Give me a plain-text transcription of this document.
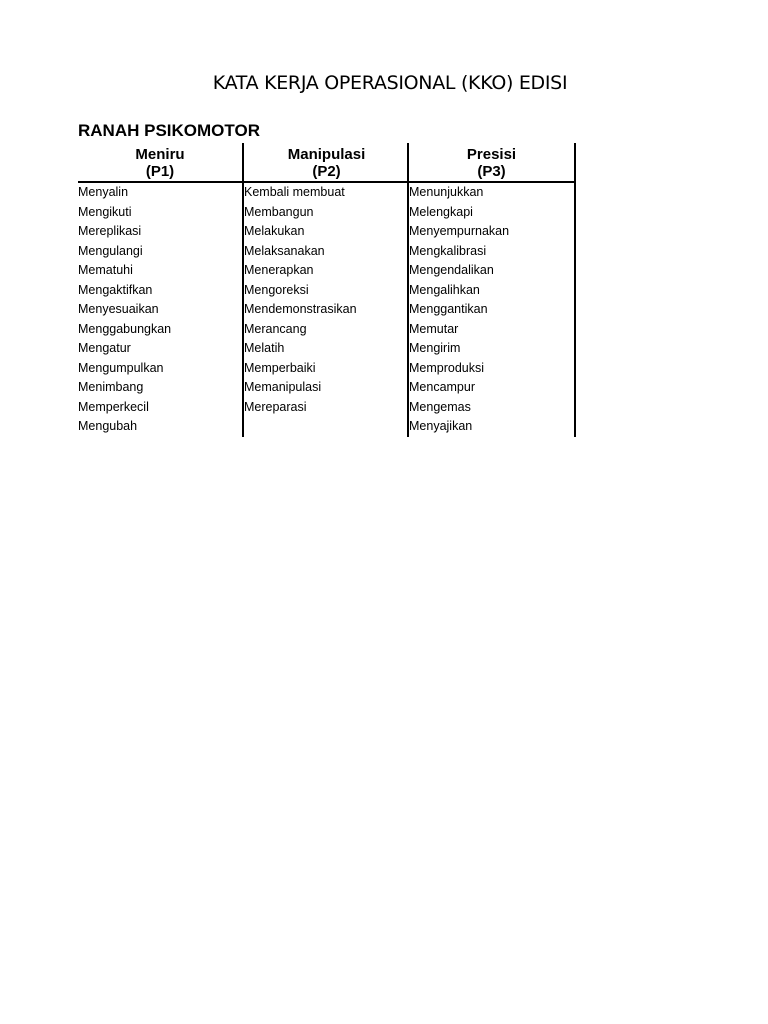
KATA KERJA OPERASIONAL (KKO) EDISI
RANAH PSIKOMOTOR
Meniru
(P1)
Menyalin
Mengikuti
Mereplikasi
Mengulangi
Mematuhi
Mengaktifkan
Menyesuaikan
Menggabungkan
Mengatur
Mengumpulkan
Menimbang
Memperkecil
Mengubah
Manipulasi
(P2)
Kembali membuat
Membangun
Melakukan
Melaksanakan
Menerapkan
Mengoreksi
Mendemonstrasikan
Merancang
Melatih
Memperbaiki
Memanipulasi
Mereparasi
Presisi
(P3)
Menunjukkan
Melengkapi
Menyempurnakan
Mengkalibrasi
Mengendalikan
Mengalihkan
Menggantikan
Memutar
Mengirim
Memproduksi
Mencampur
Mengemas
Menyajikan
